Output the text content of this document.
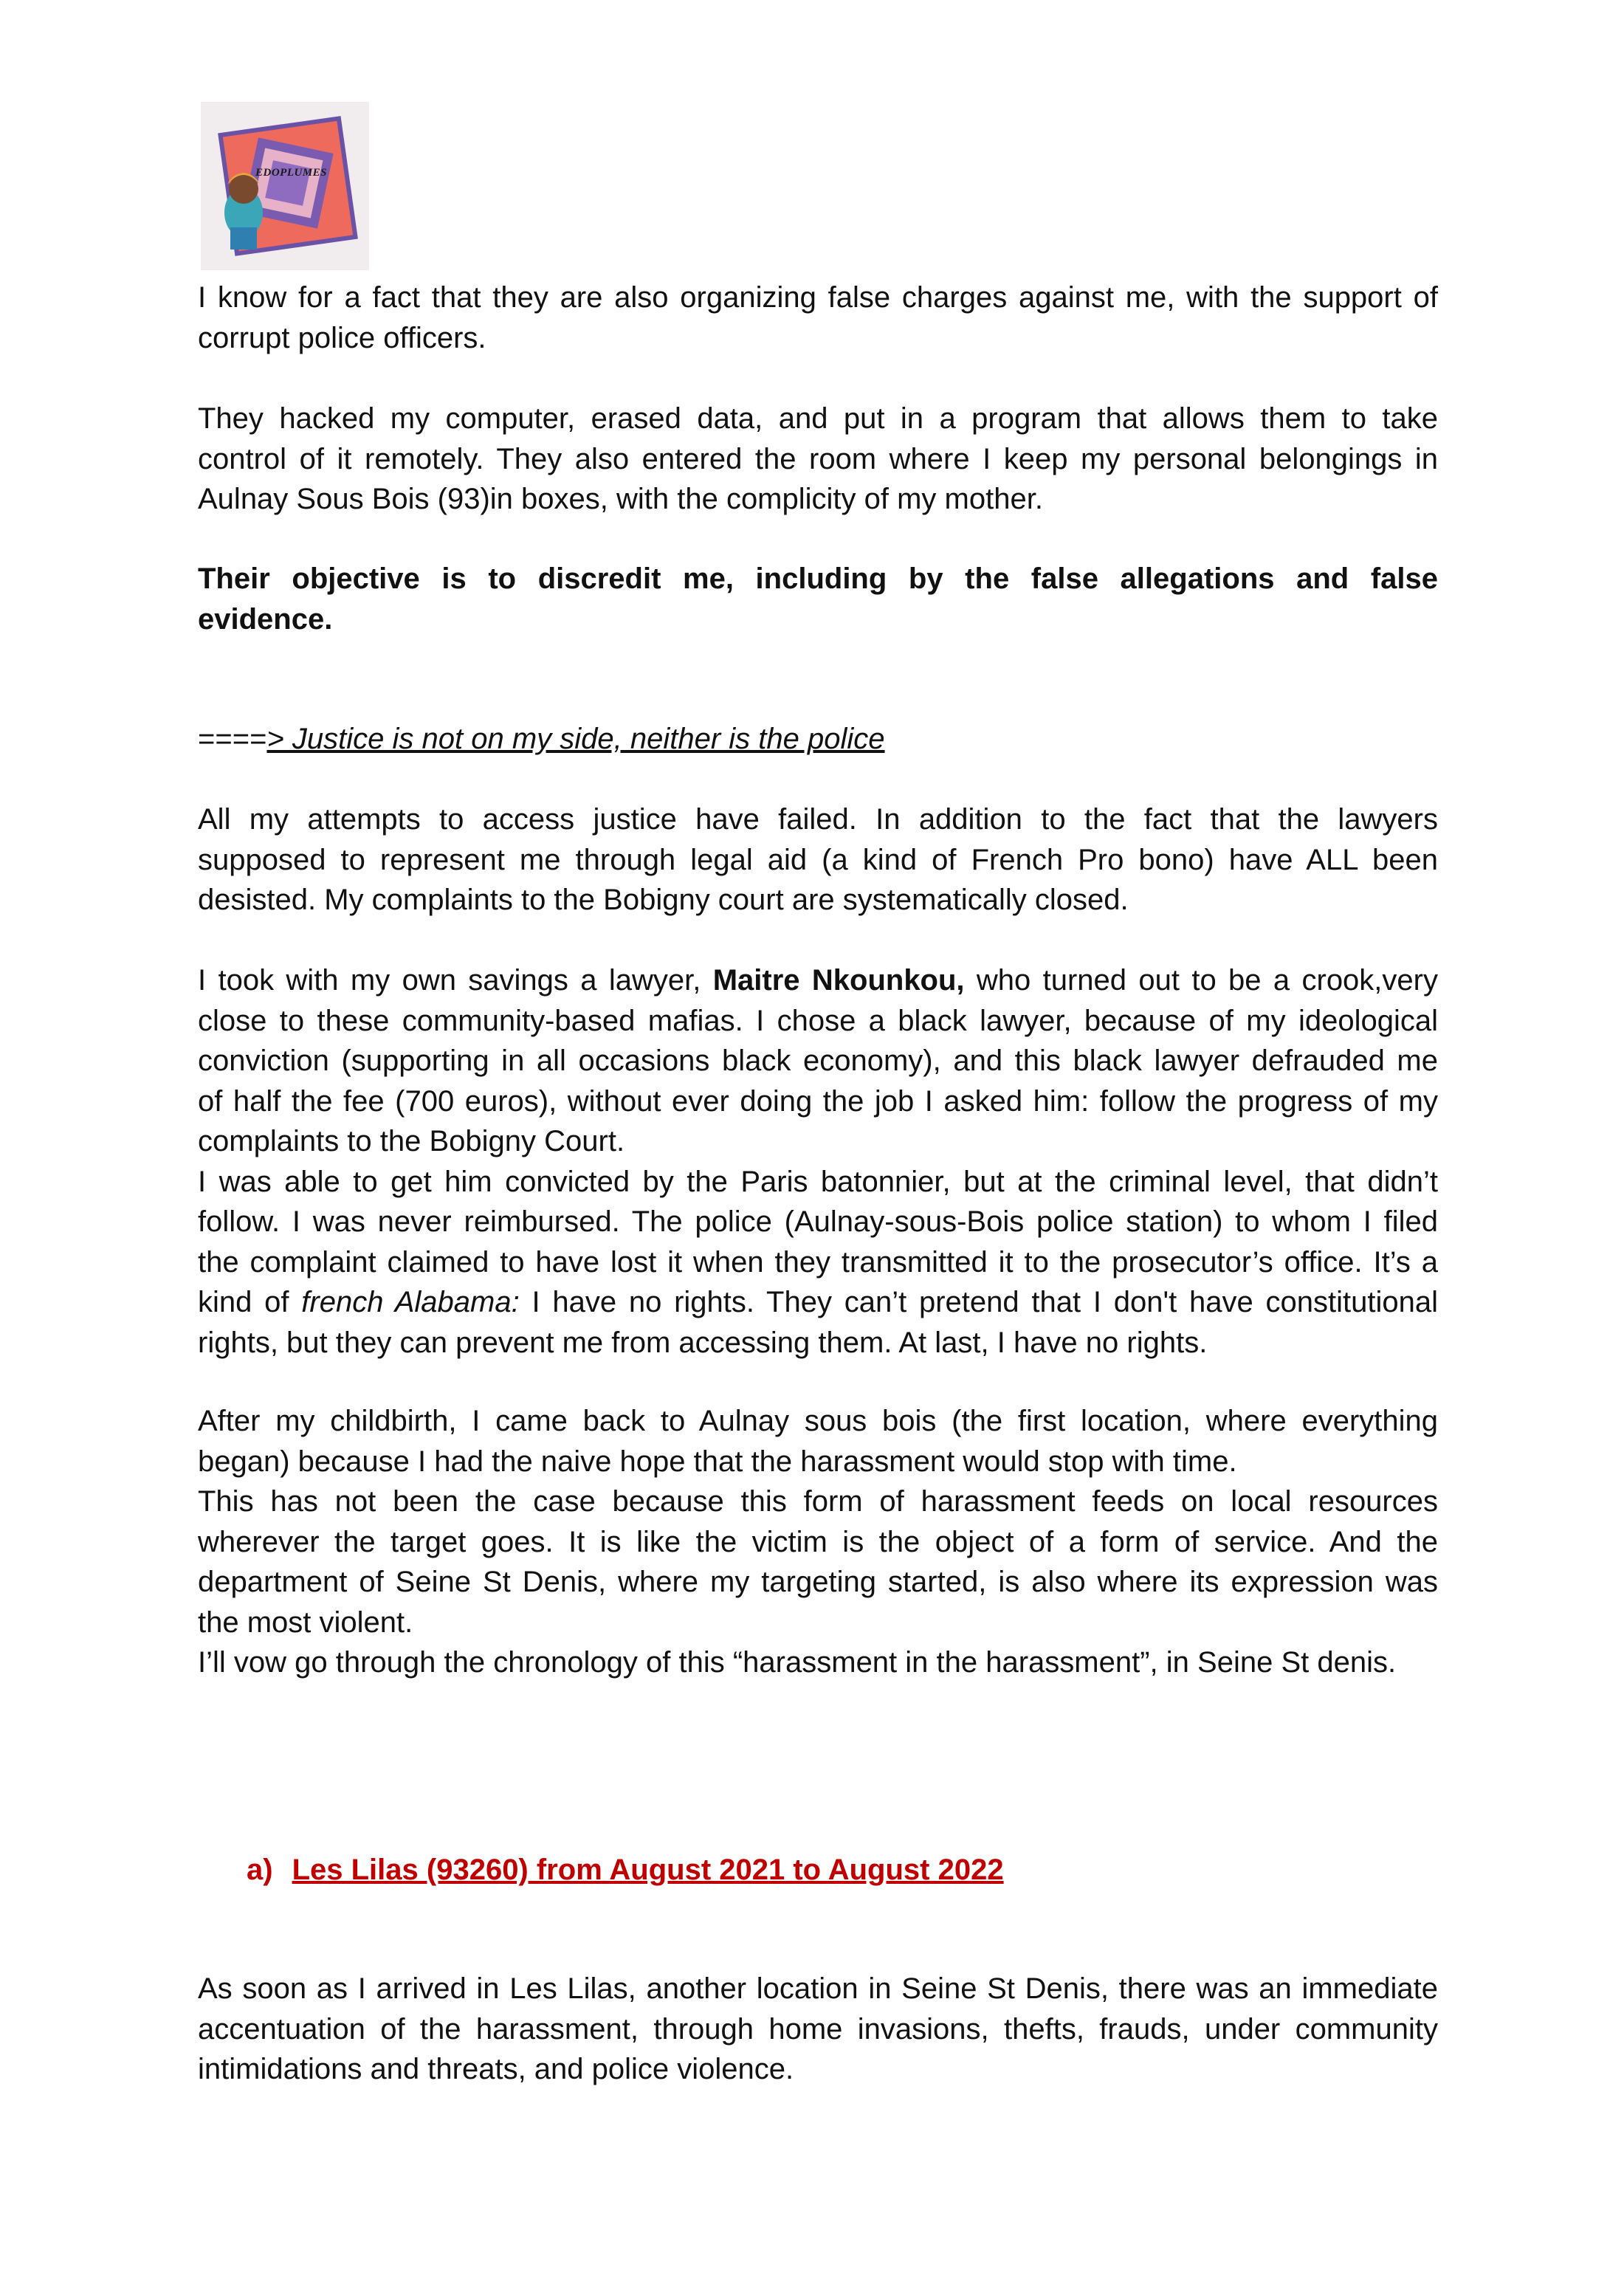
EDOPLUMES
I know for a fact that they are also organizing false charges against me, with the support of
corrupt police officers.
They hacked my computer, erased data, and put in a program that allows them to take
control of it remotely. They also entered the room where I keep my personal belongings in
Aulnay Sous Bois (93)in boxes, with the complicity of my mother.
Their objective is to discredit me, including by the false allegations and false
evidence.
====> Justice is not on my side, neither is the police
All my attempts to access justice have failed. In addition to the fact that the lawyers
supposed to represent me through legal aid (a kind of French Pro bono) have ALL been
desisted. My complaints to the Bobigny court are systematically closed.
I took with my own savings a lawyer, Maitre Nkounkou, who turned out to be a crook,very
close to these community-based mafias. I chose a black lawyer, because of my ideological
conviction (supporting in all occasions black economy), and this black lawyer defrauded me
of half the fee (700 euros), without ever doing the job I asked him: follow the progress of my
complaints to the Bobigny Court.
I was able to get him convicted by the Paris batonnier, but at the criminal level, that didn’t
follow. I was never reimbursed. The police (Aulnay-sous-Bois police station) to whom I filed
the complaint claimed to have lost it when they transmitted it to the prosecutor’s office. It’s a
kind of french Alabama: I have no rights. They can’t pretend that I don't have constitutional
rights, but they can prevent me from accessing them. At last, I have no rights.
After my childbirth, I came back to Aulnay sous bois (the first location, where everything
began) because I had the naive hope that the harassment would stop with time.
This has not been the case because this form of harassment feeds on local resources
wherever the target goes. It is like the victim is the object of a form of service. And the
department of Seine St Denis, where my targeting started, is also where its expression was
the most violent.
I’ll vow go through the chronology of this “harassment in the harassment”, in Seine St denis.
a) Les Lilas (93260) from August 2021 to August 2022
As soon as I arrived in Les Lilas, another location in Seine St Denis, there was an immediate
accentuation of the harassment, through home invasions, thefts, frauds, under community
intimidations and threats, and police violence.
